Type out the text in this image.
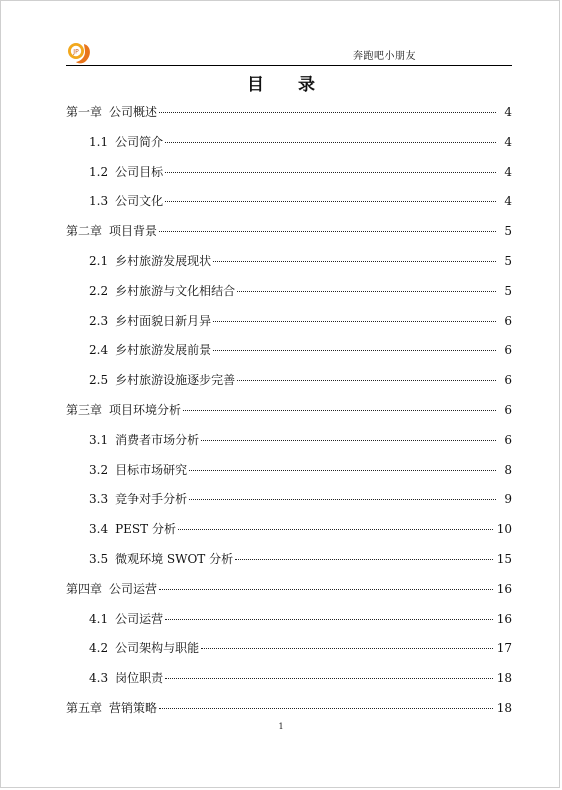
JP	奔跑吧小朋友
目 录
第一章 公司概述	4
1.1 公司简介	4
1.2 公司目标	4
1.3 公司文化	4
第二章 项目背景	5
2.1 乡村旅游发展现状	5
2.2 乡村旅游与文化相结合	5
2.3 乡村面貌日新月异	6
2.4 乡村旅游发展前景	6
2.5 乡村旅游设施逐步完善	6
第三章 项目环境分析	6
3.1 消费者市场分析	6
3.2 目标市场研究	8
3.3 竞争对手分析	9
3.4 PEST 分析	10
3.5 微观环境 SWOT 分析	15
第四章 公司运营	16
4.1 公司运营	16
4.2 公司架构与职能	17
4.3 岗位职责	18
第五章 营销策略	18
1
